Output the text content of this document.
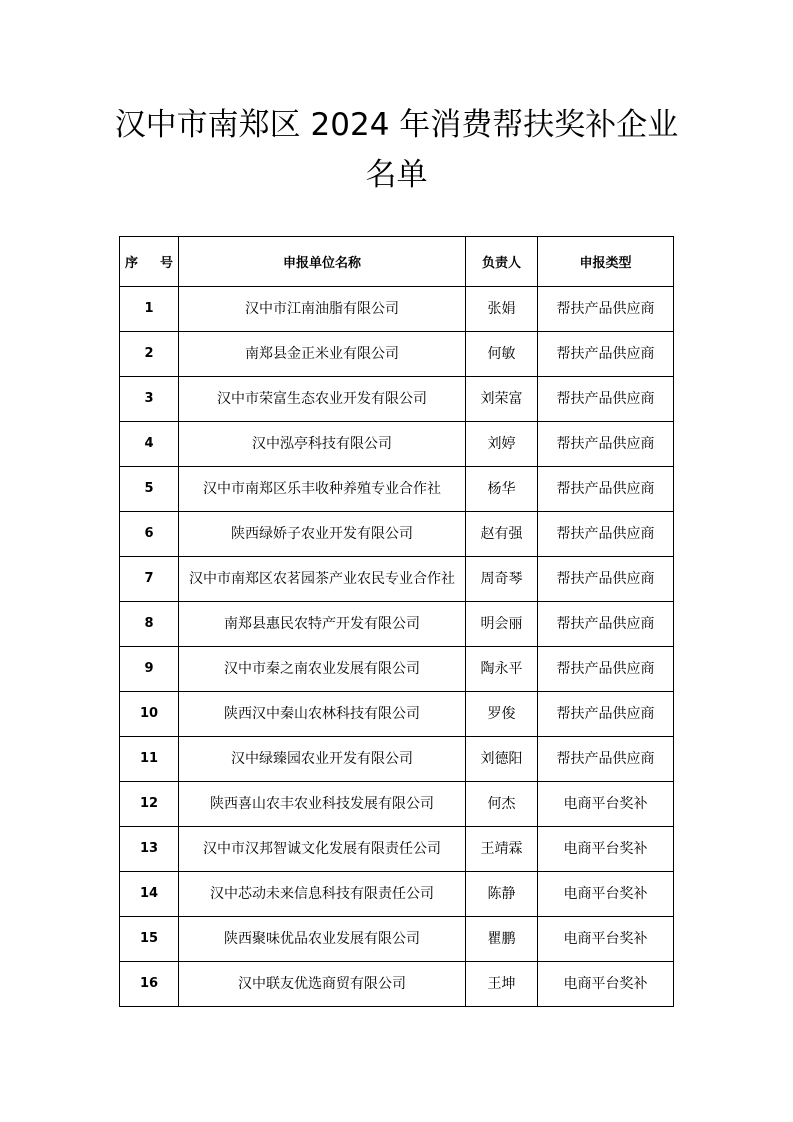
汉中市南郑区 2024 年消费帮扶奖补企业名单
序 号	申报单位名称	负责人	申报类型
1	汉中市江南油脂有限公司	张娟	帮扶产品供应商
2	南郑县金正米业有限公司	何敏	帮扶产品供应商
3	汉中市荣富生态农业开发有限公司	刘荣富	帮扶产品供应商
4	汉中泓亭科技有限公司	刘婷	帮扶产品供应商
5	汉中市南郑区乐丰收种养殖专业合作社	杨华	帮扶产品供应商
6	陕西绿娇子农业开发有限公司	赵有强	帮扶产品供应商
7	汉中市南郑区农茗园茶产业农民专业合作社	周奇琴	帮扶产品供应商
8	南郑县惠民农特产开发有限公司	明会丽	帮扶产品供应商
9	汉中市秦之南农业发展有限公司	陶永平	帮扶产品供应商
10	陕西汉中秦山农林科技有限公司	罗俊	帮扶产品供应商
11	汉中绿臻园农业开发有限公司	刘德阳	帮扶产品供应商
12	陕西喜山农丰农业科技发展有限公司	何杰	电商平台奖补
13	汉中市汉邦智诚文化发展有限责任公司	王靖霖	电商平台奖补
14	汉中芯动未来信息科技有限责任公司	陈静	电商平台奖补
15	陕西聚味优品农业发展有限公司	瞿鹏	电商平台奖补
16	汉中联友优选商贸有限公司	王坤	电商平台奖补
